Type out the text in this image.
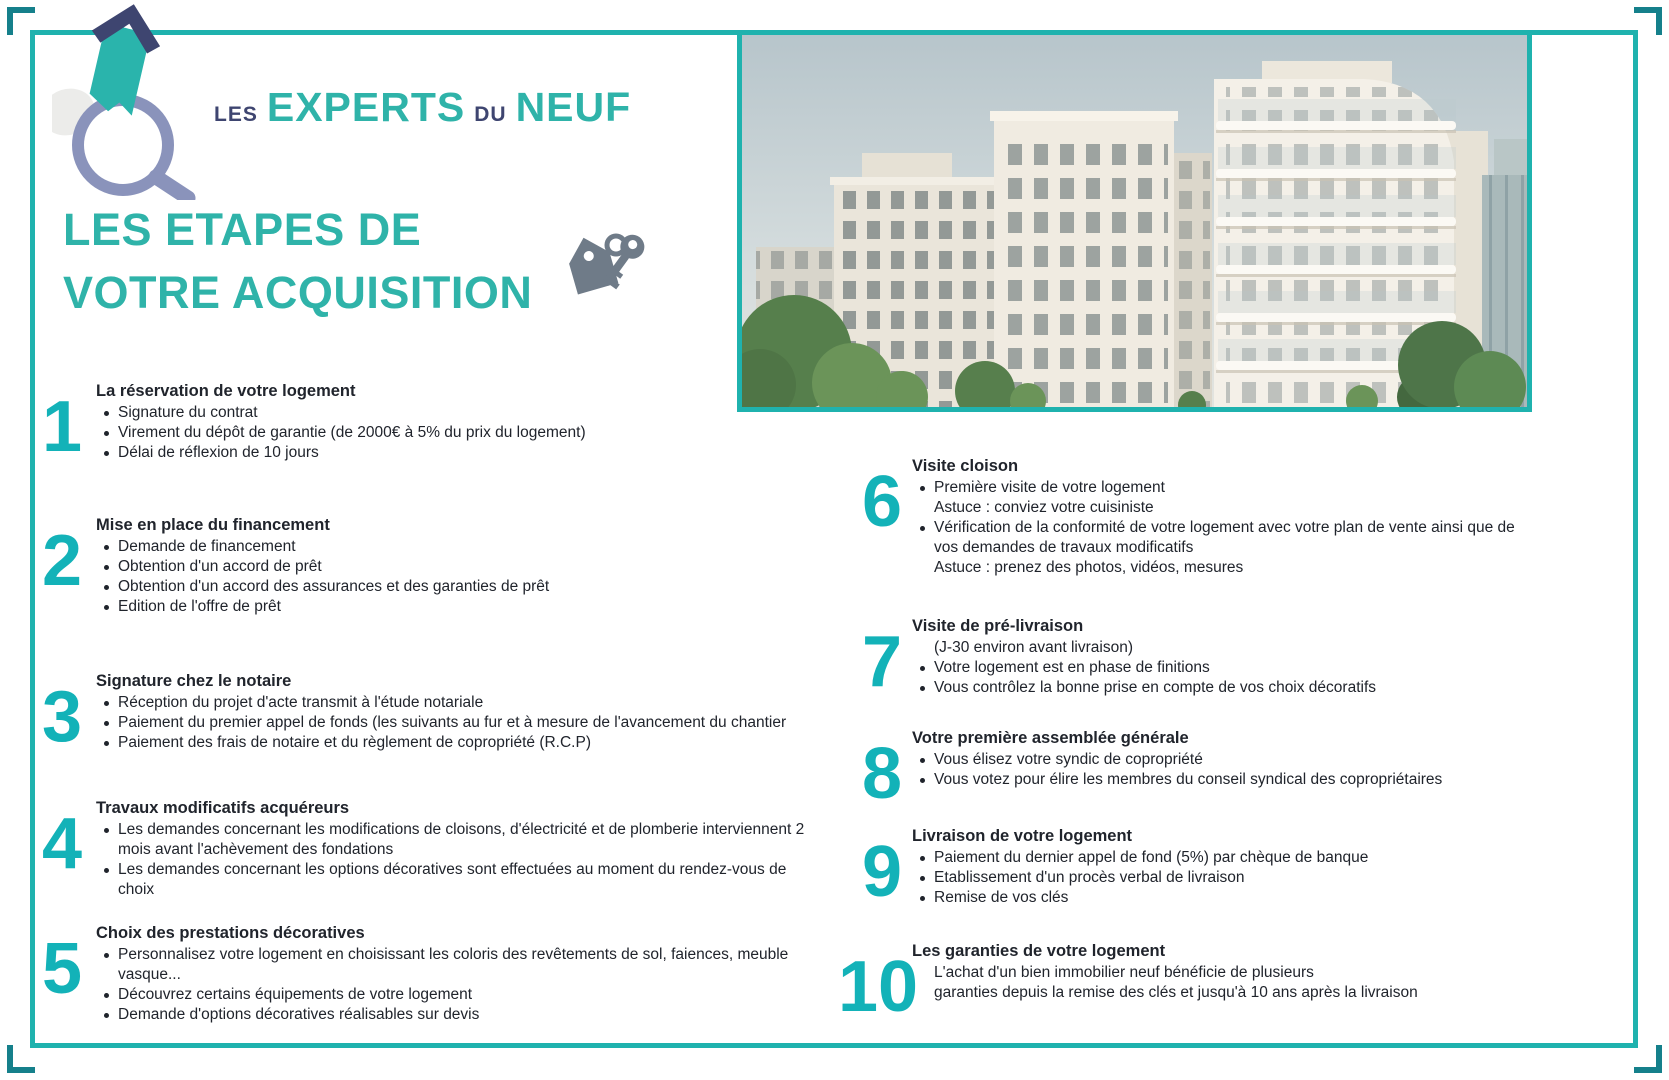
LES EXPERTS DU NEUF
LES ETAPES DE
VOTRE ACQUISITION
1 La réservation de votre logement
Signature du contrat
Virement du dépôt de garantie (de 2000€ à 5% du prix du logement)
Délai de réflexion de 10 jours
2 Mise en place du financement
Demande de financement
Obtention d'un accord de prêt
Obtention d'un accord des assurances et des garanties de prêt
Edition de l'offre de prêt
3 Signature chez le notaire
Réception du projet d'acte transmit à l'étude notariale
Paiement du premier appel de fonds (les suivants au fur et à mesure de l'avancement du chantier
Paiement des frais de notaire et du règlement de copropriété (R.C.P)
4 Travaux modificatifs acquéreurs
Les demandes concernant les modifications de cloisons, d'électricité et de plomberie interviennent 2 mois avant l'achèvement des fondations
Les demandes concernant les options décoratives sont effectuées au moment du rendez-vous de choix
5 Choix des prestations décoratives
Personnalisez votre logement en choisissant les coloris des revêtements de sol, faiences, meuble vasque...
Découvrez certains équipements de votre logement
Demande d'options décoratives réalisables sur devis
6 Visite cloison
Première visite de votre logement
Astuce : conviez votre cuisiniste
Vérification de la conformité de votre logement avec votre plan de vente ainsi que de vos demandes de travaux modificatifs
Astuce : prenez des photos, vidéos, mesures
7 Visite de pré-livraison
(J-30 environ avant livraison)
Votre logement est en phase de finitions
Vous contrôlez la bonne prise en compte de vos choix décoratifs
8 Votre première assemblée générale
Vous élisez votre syndic de copropriété
Vous votez pour élire les membres du conseil syndical des copropriétaires
9 Livraison de votre logement
Paiement du dernier appel de fond (5%) par chèque de banque
Etablissement d'un procès verbal de livraison
Remise de vos clés
10
Les garanties de votre logement
L'achat d'un bien immobilier neuf bénéficie de plusieurs
garanties depuis la remise des clés et jusqu'à 10 ans après la livraison
